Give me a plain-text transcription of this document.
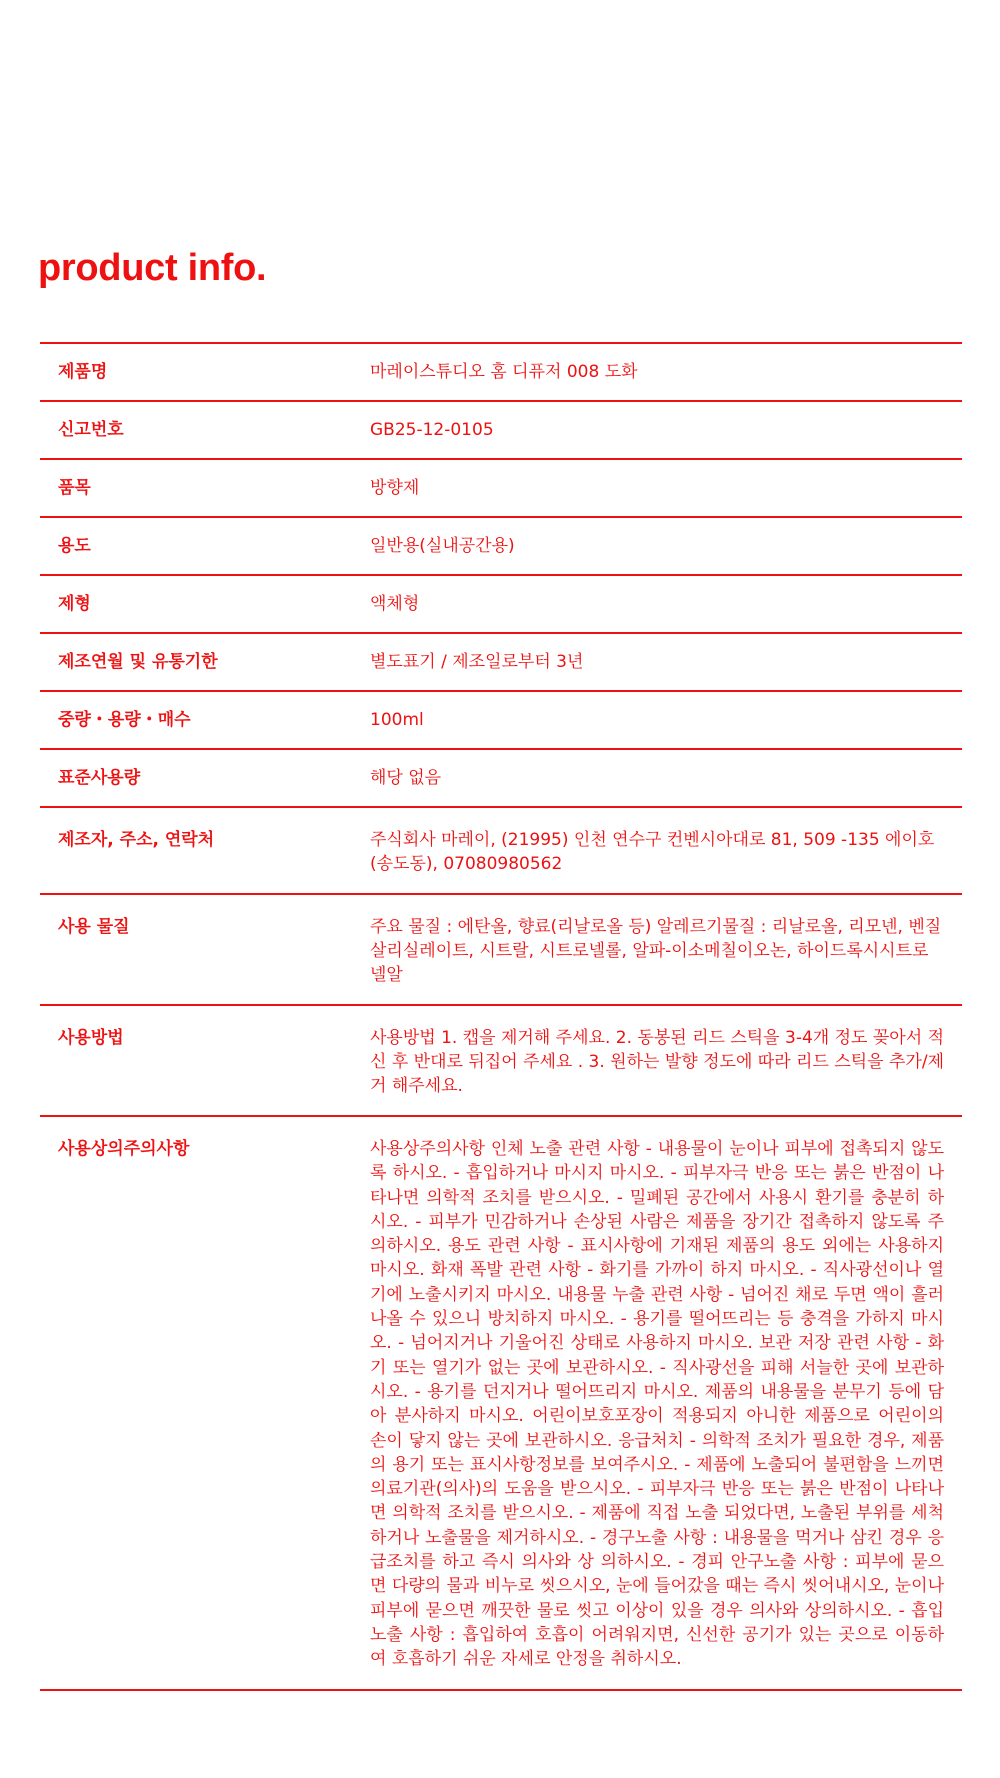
product info.
제품명	마레이스튜디오 홈 디퓨저 008 도화
신고번호	GB25-12-0105
품목	방향제
용도	일반용(실내공간용)
제형	액체형
제조연월 및 유통기한	별도표기 / 제조일로부터 3년
중량・용량・매수	100ml
표준사용량	해당 없음
제조자, 주소, 연락처	주식회사 마레이, (21995) 인천 연수구 컨벤시아대로 81, 509 -135 에이호 (송도동), 07080980562
사용 물질	주요 물질 : 에탄올, 향료(리날로올 등) 알레르기물질 : 리날로올, 리모넨, 벤질살리실레이트, 시트랄, 시트로넬롤, 알파-이소메칠이오논, 하이드록시시트로넬알
사용방법	사용방법 1. 캡을 제거해 주세요. 2. 동봉된 리드 스틱을 3-4개 정도 꽂아서 적신 후 반대로 뒤집어 주세요 . 3. 원하는 발향 정도에 따라 리드 스틱을 추가/제거 해주세요.
사용상의주의사항	사용상주의사항 인체 노출 관련 사항 - 내용물이 눈이나 피부에 접촉되지 않도록 하시오. - 흡입하거나 마시지 마시오. - 피부자극 반응 또는 붉은 반점이 나타나면 의학적 조치를 받으시오. - 밀폐된 공간에서 사용시 환기를 충분히 하시오. - 피부가 민감하거나 손상된 사람은 제품을 장기간 접촉하지 않도록 주의하시오. 용도 관련 사항 - 표시사항에 기재된 제품의 용도 외에는 사용하지 마시오. 화재 폭발 관련 사항 - 화기를 가까이 하지 마시오. - 직사광선이나 열기에 노출시키지 마시오. 내용물 누출 관련 사항 - 넘어진 채로 두면 액이 흘러나올 수 있으니 방치하지 마시오. - 용기를 떨어뜨리는 등 충격을 가하지 마시오. - 넘어지거나 기울어진 상태로 사용하지 마시오. 보관 저장 관련 사항 - 화기 또는 열기가 없는 곳에 보관하시오. - 직사광선을 피해 서늘한 곳에 보관하시오. - 용기를 던지거나 떨어뜨리지 마시오. 제품의 내용물을 분무기 등에 담아 분사하지 마시오. 어린이보호포장이 적용되지 아니한 제품으로 어린이의 손이 닿지 않는 곳에 보관하시오. 응급처치 - 의학적 조치가 필요한 경우, 제품의 용기 또는 표시사항정보를 보여주시오. - 제품에 노출되어 불편함을 느끼면 의료기관(의사)의 도움을 받으시오. - 피부자극 반응 또는 붉은 반점이 나타나면 의학적 조치를 받으시오. - 제품에 직접 노출 되었다면, 노출된 부위를 세척하거나 노출물을 제거하시오. - 경구노출 사항 : 내용물을 먹거나 삼킨 경우 응급조치를 하고 즉시 의사와 상 의하시오. - 경피 안구노출 사항 : 피부에 묻으면 다량의 물과 비누로 씻으시오, 눈에 들어갔을 때는 즉시 씻어내시오, 눈이나 피부에 묻으면 깨끗한 물로 씻고 이상이 있을 경우 의사와 상의하시오. - 흡입노출 사항 : 흡입하여 호흡이 어려워지면, 신선한 공기가 있는 곳으로 이동하여 호흡하기 쉬운 자세로 안정을 취하시오.
